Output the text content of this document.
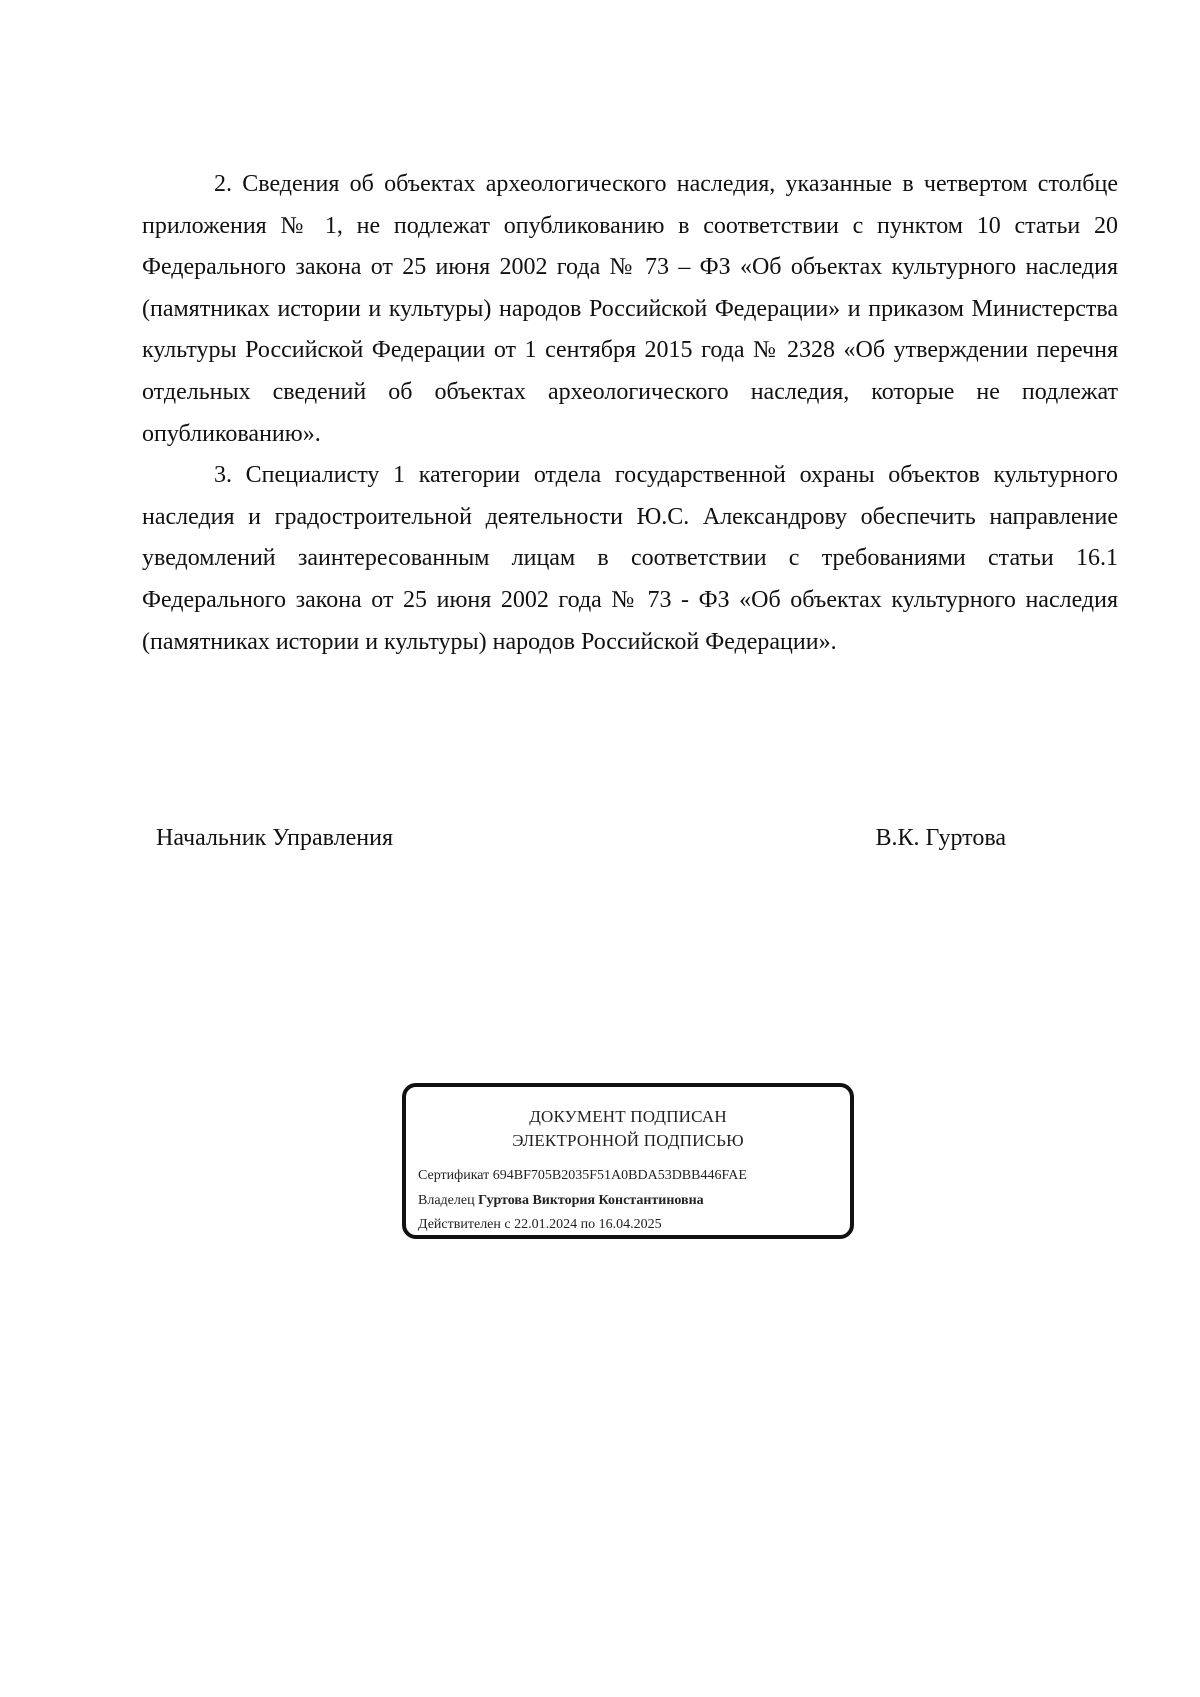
2. Сведения об объектах археологического наследия, указанные в четвертом столбце приложения № 1, не подлежат опубликованию в соответствии с пунктом 10 статьи 20 Федерального закона от 25 июня 2002 года № 73 – ФЗ «Об объектах культурного наследия (памятниках истории и культуры) народов Российской Федерации» и приказом Министерства культуры Российской Федерации от 1 сентября 2015 года № 2328 «Об утверждении перечня отдельных сведений об объектах археологического наследия, которые не подлежат опубликованию».

3. Специалисту 1 категории отдела государственной охраны объектов культурного наследия и градостроительной деятельности Ю.С. Александрову обеспечить направление уведомлений заинтересованным лицам в соответствии с требованиями статьи 16.1 Федерального закона от 25 июня 2002 года № 73 - ФЗ «Об объектах культурного наследия (памятниках истории и культуры) народов Российской Федерации».

Начальник Управления	В.К. Гуртова
ДОКУМЕНТ ПОДПИСАН
ЭЛЕКТРОННОЙ ПОДПИСЬЮ
Сертификат 694BF705B2035F51A0BDA53DBB446FAE
Владелец Гуртова Виктория Константиновна
Действителен с 22.01.2024 по 16.04.2025
